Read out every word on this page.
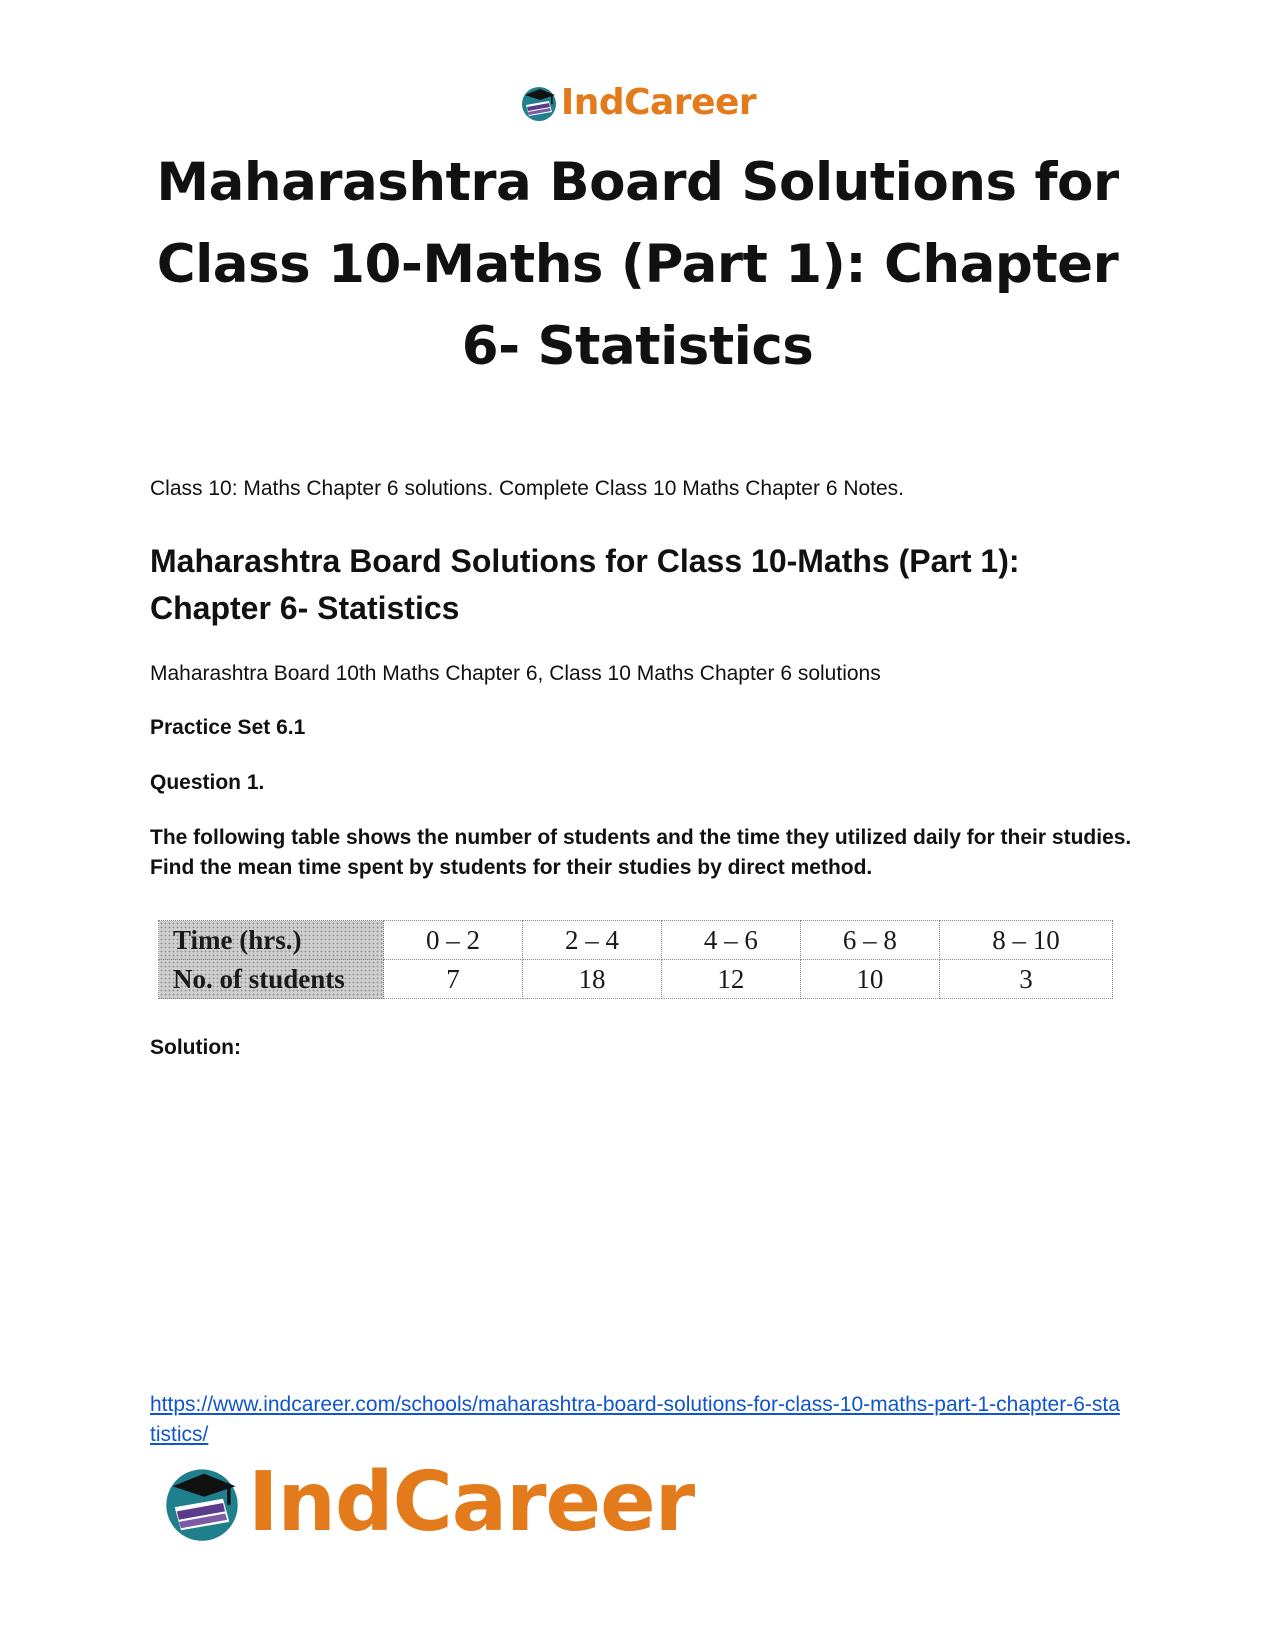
IndCareer
Maharashtra Board Solutions for Class 10-Maths (Part 1): Chapter 6- Statistics

Class 10: Maths Chapter 6 solutions. Complete Class 10 Maths Chapter 6 Notes.

Maharashtra Board Solutions for Class 10-Maths (Part 1): Chapter 6- Statistics

Maharashtra Board 10th Maths Chapter 6, Class 10 Maths Chapter 6 solutions

Practice Set 6.1

Question 1.

The following table shows the number of students and the time they utilized daily for their studies. Find the mean time spent by students for their studies by direct method.

Time (hrs.)	0 – 2	2 – 4	4 – 6	6 – 8	8 – 10
No. of students	7	18	12	10	3

Solution:

https://www.indcareer.com/schools/maharashtra-board-solutions-for-class-10-maths-part-1-chapter-6-statistics/
IndCareer
